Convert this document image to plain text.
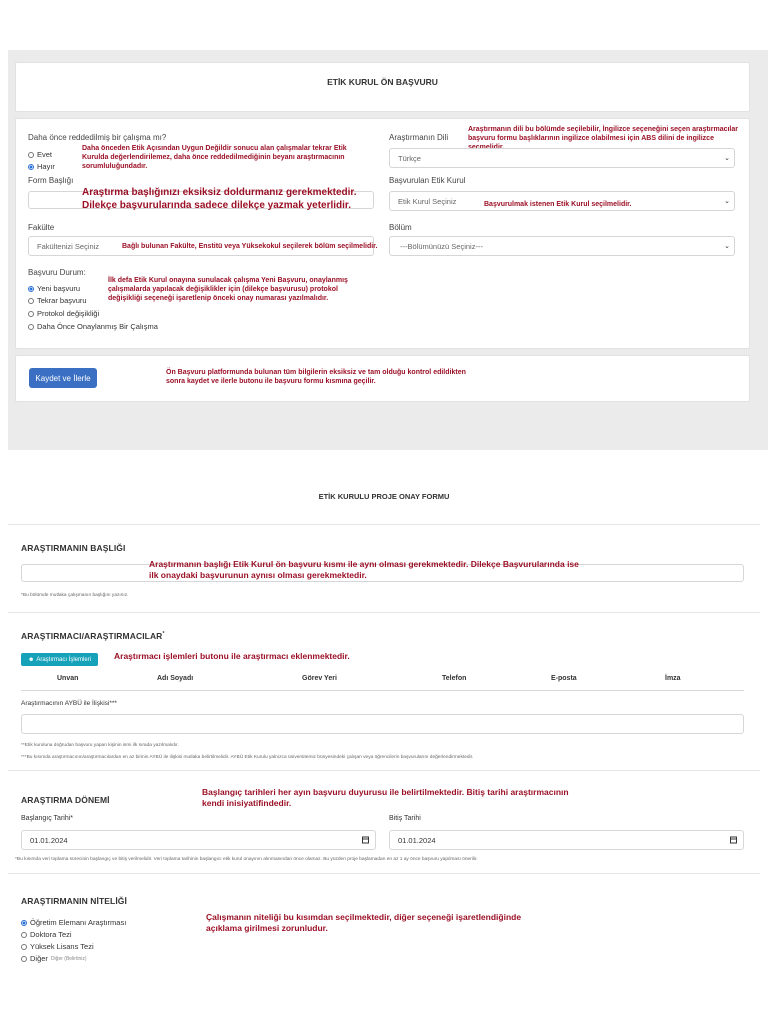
ETİK KURUL ÖN BAŞVURU
Daha önce reddedilmiş bir çalışma mı?
Evet
Hayır
Daha önceden Etik Açısından Uygun Değildir sonucu alan çalışmalar tekrar Etik Kurulda değerlendirilemez, daha önce reddedilmediğinin beyanı araştırmacının sorumluluğundadır.
Form Başlığı
Araştırma başlığınızı eksiksiz doldurmanız gerekmektedir. Dilekçe başvurularında sadece dilekçe yazmak yeterlidir.
Fakülte
Fakültenizi Seçiniz	Bağlı bulunan Fakülte, Enstitü veya Yüksekokul seçilerek bölüm seçilmelidir.
Başvuru Durum:
Yeni başvuru
Tekrar başvuru
Protokol değişikliği
Daha Önce Onaylanmış Bir Çalışma
İlk defa Etik Kurul onayına sunulacak çalışma Yeni Başvuru, onaylanmış çalışmalarda yapılacak değişiklikler için (dilekçe başvurusu) protokol değişikliği seçeneği işaretlenip önceki onay numarası yazılmalıdır.
Araştırmanın Dili
Araştırmanın dili bu bölümde seçilebilir, İngilizce seçeneğini seçen araştırmacılar başvuru formu başlıklarının ingilizce olabilmesi için ABS dilini de ingilizce
Türkçe	⌄
Başvurulan Etik Kurul
Etik Kurul Seçiniz	⌄
Başvurulmak istenen Etik Kurul seçilmelidir.
Bölüm
---Bölümünüzü Seçiniz---	⌄
Kaydet ve İlerle
Ön Başvuru platformunda bulunan tüm bilgilerin eksiksiz ve tam olduğu kontrol edildikten sonra kaydet ve ilerle butonu ile başvuru formu kısmına geçilir.
ETİK KURULU PROJE ONAY FORMU
ARAŞTIRMANIN BAŞLIĞI
Araştırmanın başlığı Etik Kurul ön başvuru kısmı ile aynı olması gerekmektedir. Dilekçe Başvurularında ise ilk onaydaki başvurunun aynısı olması gerekmektedir.
*Bu bölümde mutlaka çalışmanın başlığını yazınız.
ARAŞTIRMACI/ARAŞTIRMACILAR*
☻ Araştırmacı İşlemleri	Araştırmacı işlemleri butonu ile araştırmacı eklenmektedir.
Unvan	Adı Soyadı	Görev Yeri	Telefon	E-posta	İmza
Araştırmacının AYBÜ ile İlişkisi***
**Etik kuruluna doğrudan başvuru yapan kişinin ismi ilk sırada yazılmalıdır.
***Bu kısımda araştırmacının/araştırmacılardan en az birinin AYBÜ ile ilişkisi mutlaka belirtilmelidir. AYBÜ Etik Kurulu yalnızca üniversitemiz bünyesindeki çalışan veya öğrencilerin başvurularını değerlendirmektedir.
ARAŞTIRMA DÖNEMİ
Başlangıç tarihleri her ayın başvuru duyurusu ile belirtilmektedir. Bitiş tarihi araştırmacının kendi inisiyatifindedir.
Başlangıç Tarihi*
01.01.2024
Bitiş Tarihi
01.01.2024
*Bu kısımda veri toplama sürecinin başlangıç ve bitiş verilmelidir. Veri toplama tarihinin başlangıcı etik kurul onayının alınmasından önce olamaz. Bu yüzden proje başlamadan en az 1 ay önce başvuru yapılması önerilir.
ARAŞTIRMANIN NİTELİĞİ
Öğretim Elemanı Araştırması
Doktora Tezi
Yüksek Lisans Tezi
Diğer Diğer (Belirtiniz)
Çalışmanın niteliği bu kısımdan seçilmektedir, diğer seçeneği işaretlendiğinde açıklama girilmesi zorunludur.
